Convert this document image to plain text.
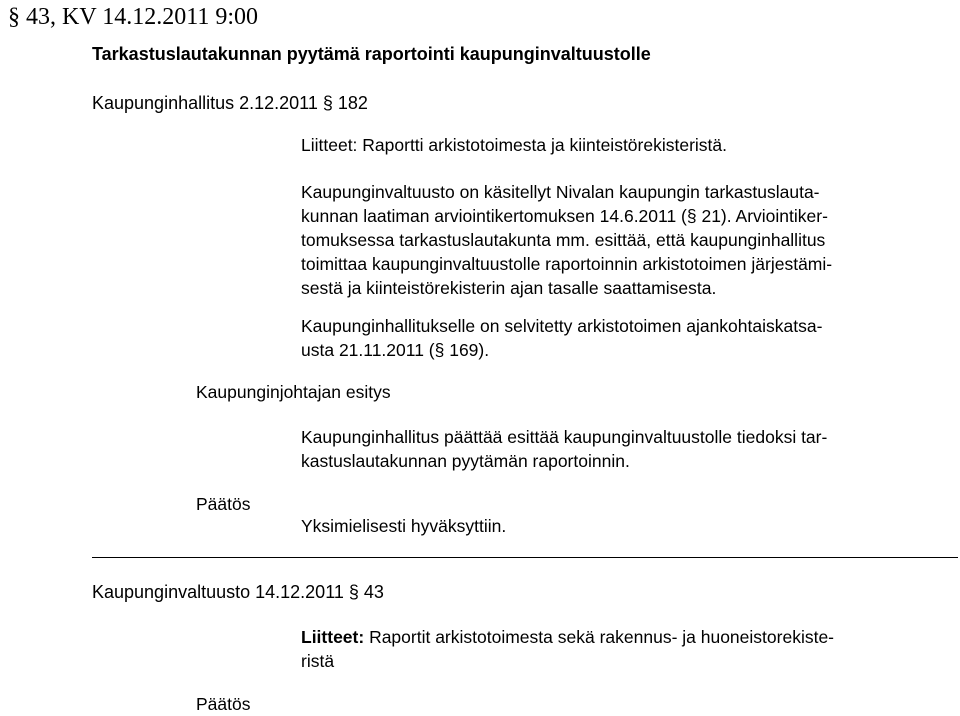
§ 43, KV 14.12.2011 9:00
Tarkastuslautakunnan pyytämä raportointi kaupunginvaltuustolle
Kaupunginhallitus 2.12.2011 § 182
Liitteet: Raportti arkistotoimesta ja kiinteistörekisteristä.
Kaupunginvaltuusto on käsitellyt Nivalan kaupungin tarkastuslauta-
kunnan laatiman arviointikertomuksen 14.6.2011 (§ 21). Arviointiker-
tomuksessa tarkastuslautakunta mm. esittää, että kaupunginhallitus
toimittaa kaupunginvaltuustolle raportoinnin arkistotoimen järjestämi-
sestä ja kiinteistörekisterin ajan tasalle saattamisesta.
Kaupunginhallitukselle on selvitetty arkistotoimen ajankohtaiskatsa-
usta 21.11.2011 (§ 169).
Kaupunginjohtajan esitys
Kaupunginhallitus päättää esittää kaupunginvaltuustolle tiedoksi tar-
kastuslautakunnan pyytämän raportoinnin.
Päätös
Yksimielisesti hyväksyttiin.
Kaupunginvaltuusto 14.12.2011 § 43
Liitteet: Raportit arkistotoimesta sekä rakennus- ja huoneistorekiste-
ristä
Päätös
